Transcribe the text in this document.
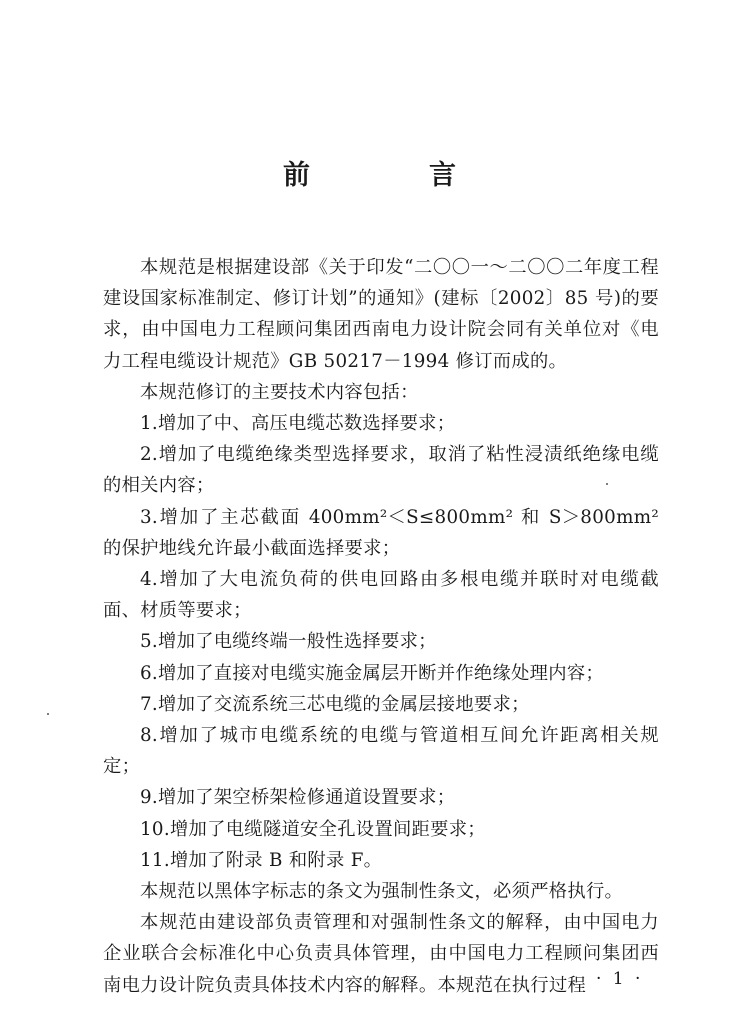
前　言

本规范是根据建设部《关于印发“二〇〇一～二〇〇二年度工程建设国家标准制定、修订计划”的通知》(建标〔2002〕85 号)的要求，由中国电力工程顾问集团西南电力设计院会同有关单位对《电力工程电缆设计规范》GB 50217－1994 修订而成的。

本规范修订的主要技术内容包括：

1.增加了中、高压电缆芯数选择要求；

2.增加了电缆绝缘类型选择要求，取消了粘性浸渍纸绝缘电缆的相关内容；

3.增加了主芯截面 400mm²＜S≤800mm² 和 S＞800mm² 的保护地线允许最小截面选择要求；

4.增加了大电流负荷的供电回路由多根电缆并联时对电缆截面、材质等要求；

5.增加了电缆终端一般性选择要求；

6.增加了直接对电缆实施金属层开断并作绝缘处理内容；

7.增加了交流系统三芯电缆的金属层接地要求；

8.增加了城市电缆系统的电缆与管道相互间允许距离相关规定；

9.增加了架空桥架检修通道设置要求；

10.增加了电缆隧道安全孔设置间距要求；

11.增加了附录 B 和附录 F。

本规范以黑体字标志的条文为强制性条文，必须严格执行。

本规范由建设部负责管理和对强制性条文的解释，由中国电力企业联合会标准化中心负责具体管理，由中国电力工程顾问集团西南电力设计院负责具体技术内容的解释。本规范在执行过程 · 1 ·
